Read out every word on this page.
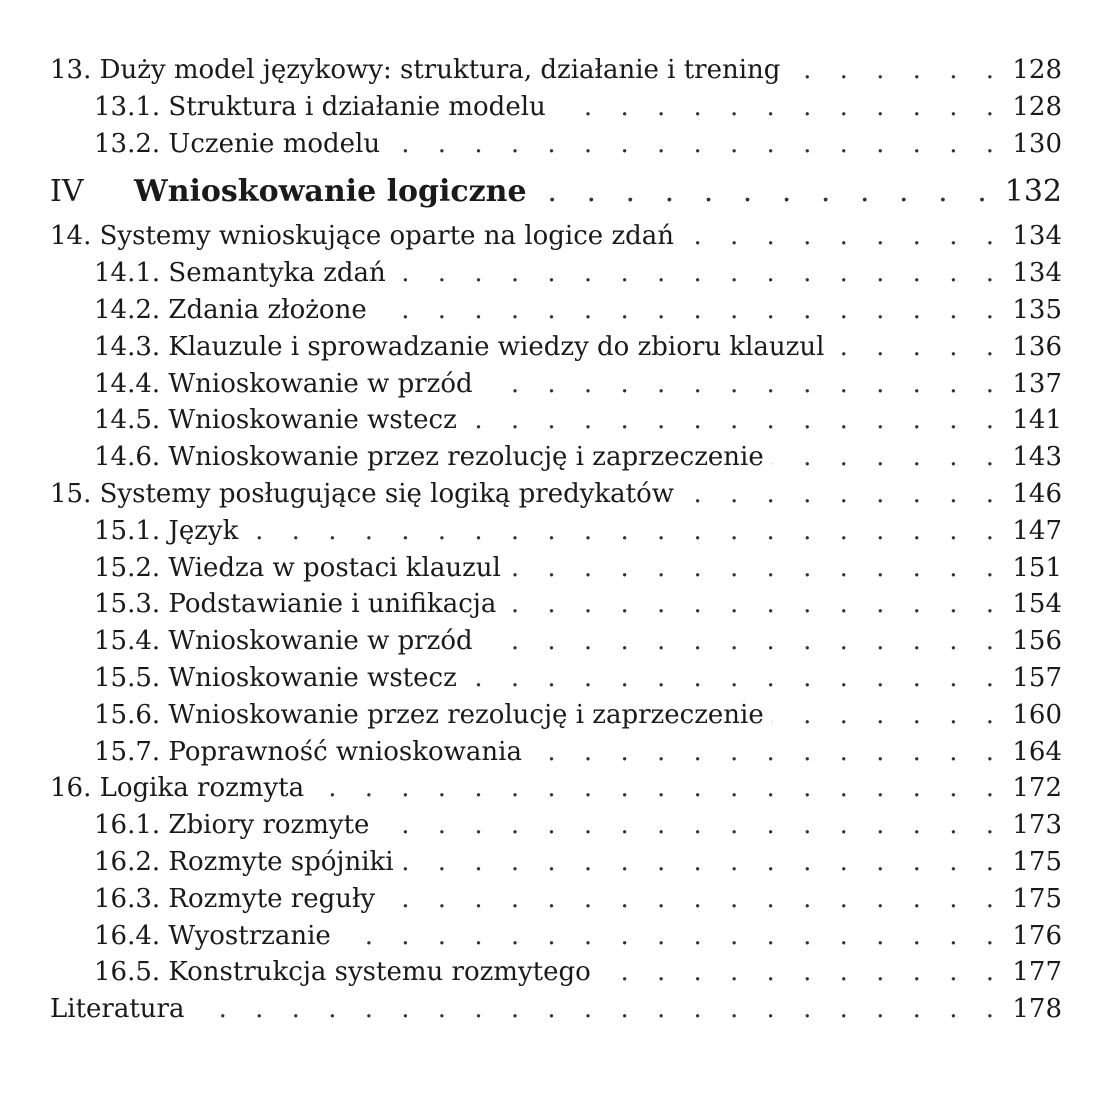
13. Duży model językowy: struktura, działanie i trening . . .	128
13.1. Struktura i działanie modelu . . .	128
13.2. Uczenie modelu . . .	130
IV Wnioskowanie logiczne . . .	132
14. Systemy wnioskujące oparte na logice zdań . . .	134
14.1. Semantyka zdań . . .	134
14.2. Zdania złożone . . .	135
14.3. Klauzule i sprowadzanie wiedzy do zbioru klauzul . . .	136
14.4. Wnioskowanie w przód . . .	137
14.5. Wnioskowanie wstecz . . .	141
14.6. Wnioskowanie przez rezolucję i zaprzeczenie . . .	143
15. Systemy posługujące się logiką predykatów . . .	146
15.1. Język . . .	147
15.2. Wiedza w postaci klauzul . . .	151
15.3. Podstawianie i unifikacja . . .	154
15.4. Wnioskowanie w przód . . .	156
15.5. Wnioskowanie wstecz . . .	157
15.6. Wnioskowanie przez rezolucję i zaprzeczenie . . .	160
15.7. Poprawność wnioskowania . . .	164
16. Logika rozmyta . . .	172
16.1. Zbiory rozmyte . . .	173
16.2. Rozmyte spójniki . . .	175
16.3. Rozmyte reguły . . .	175
16.4. Wyostrzanie . . .	176
16.5. Konstrukcja systemu rozmytego . . .	177
Literatura . . .	178
